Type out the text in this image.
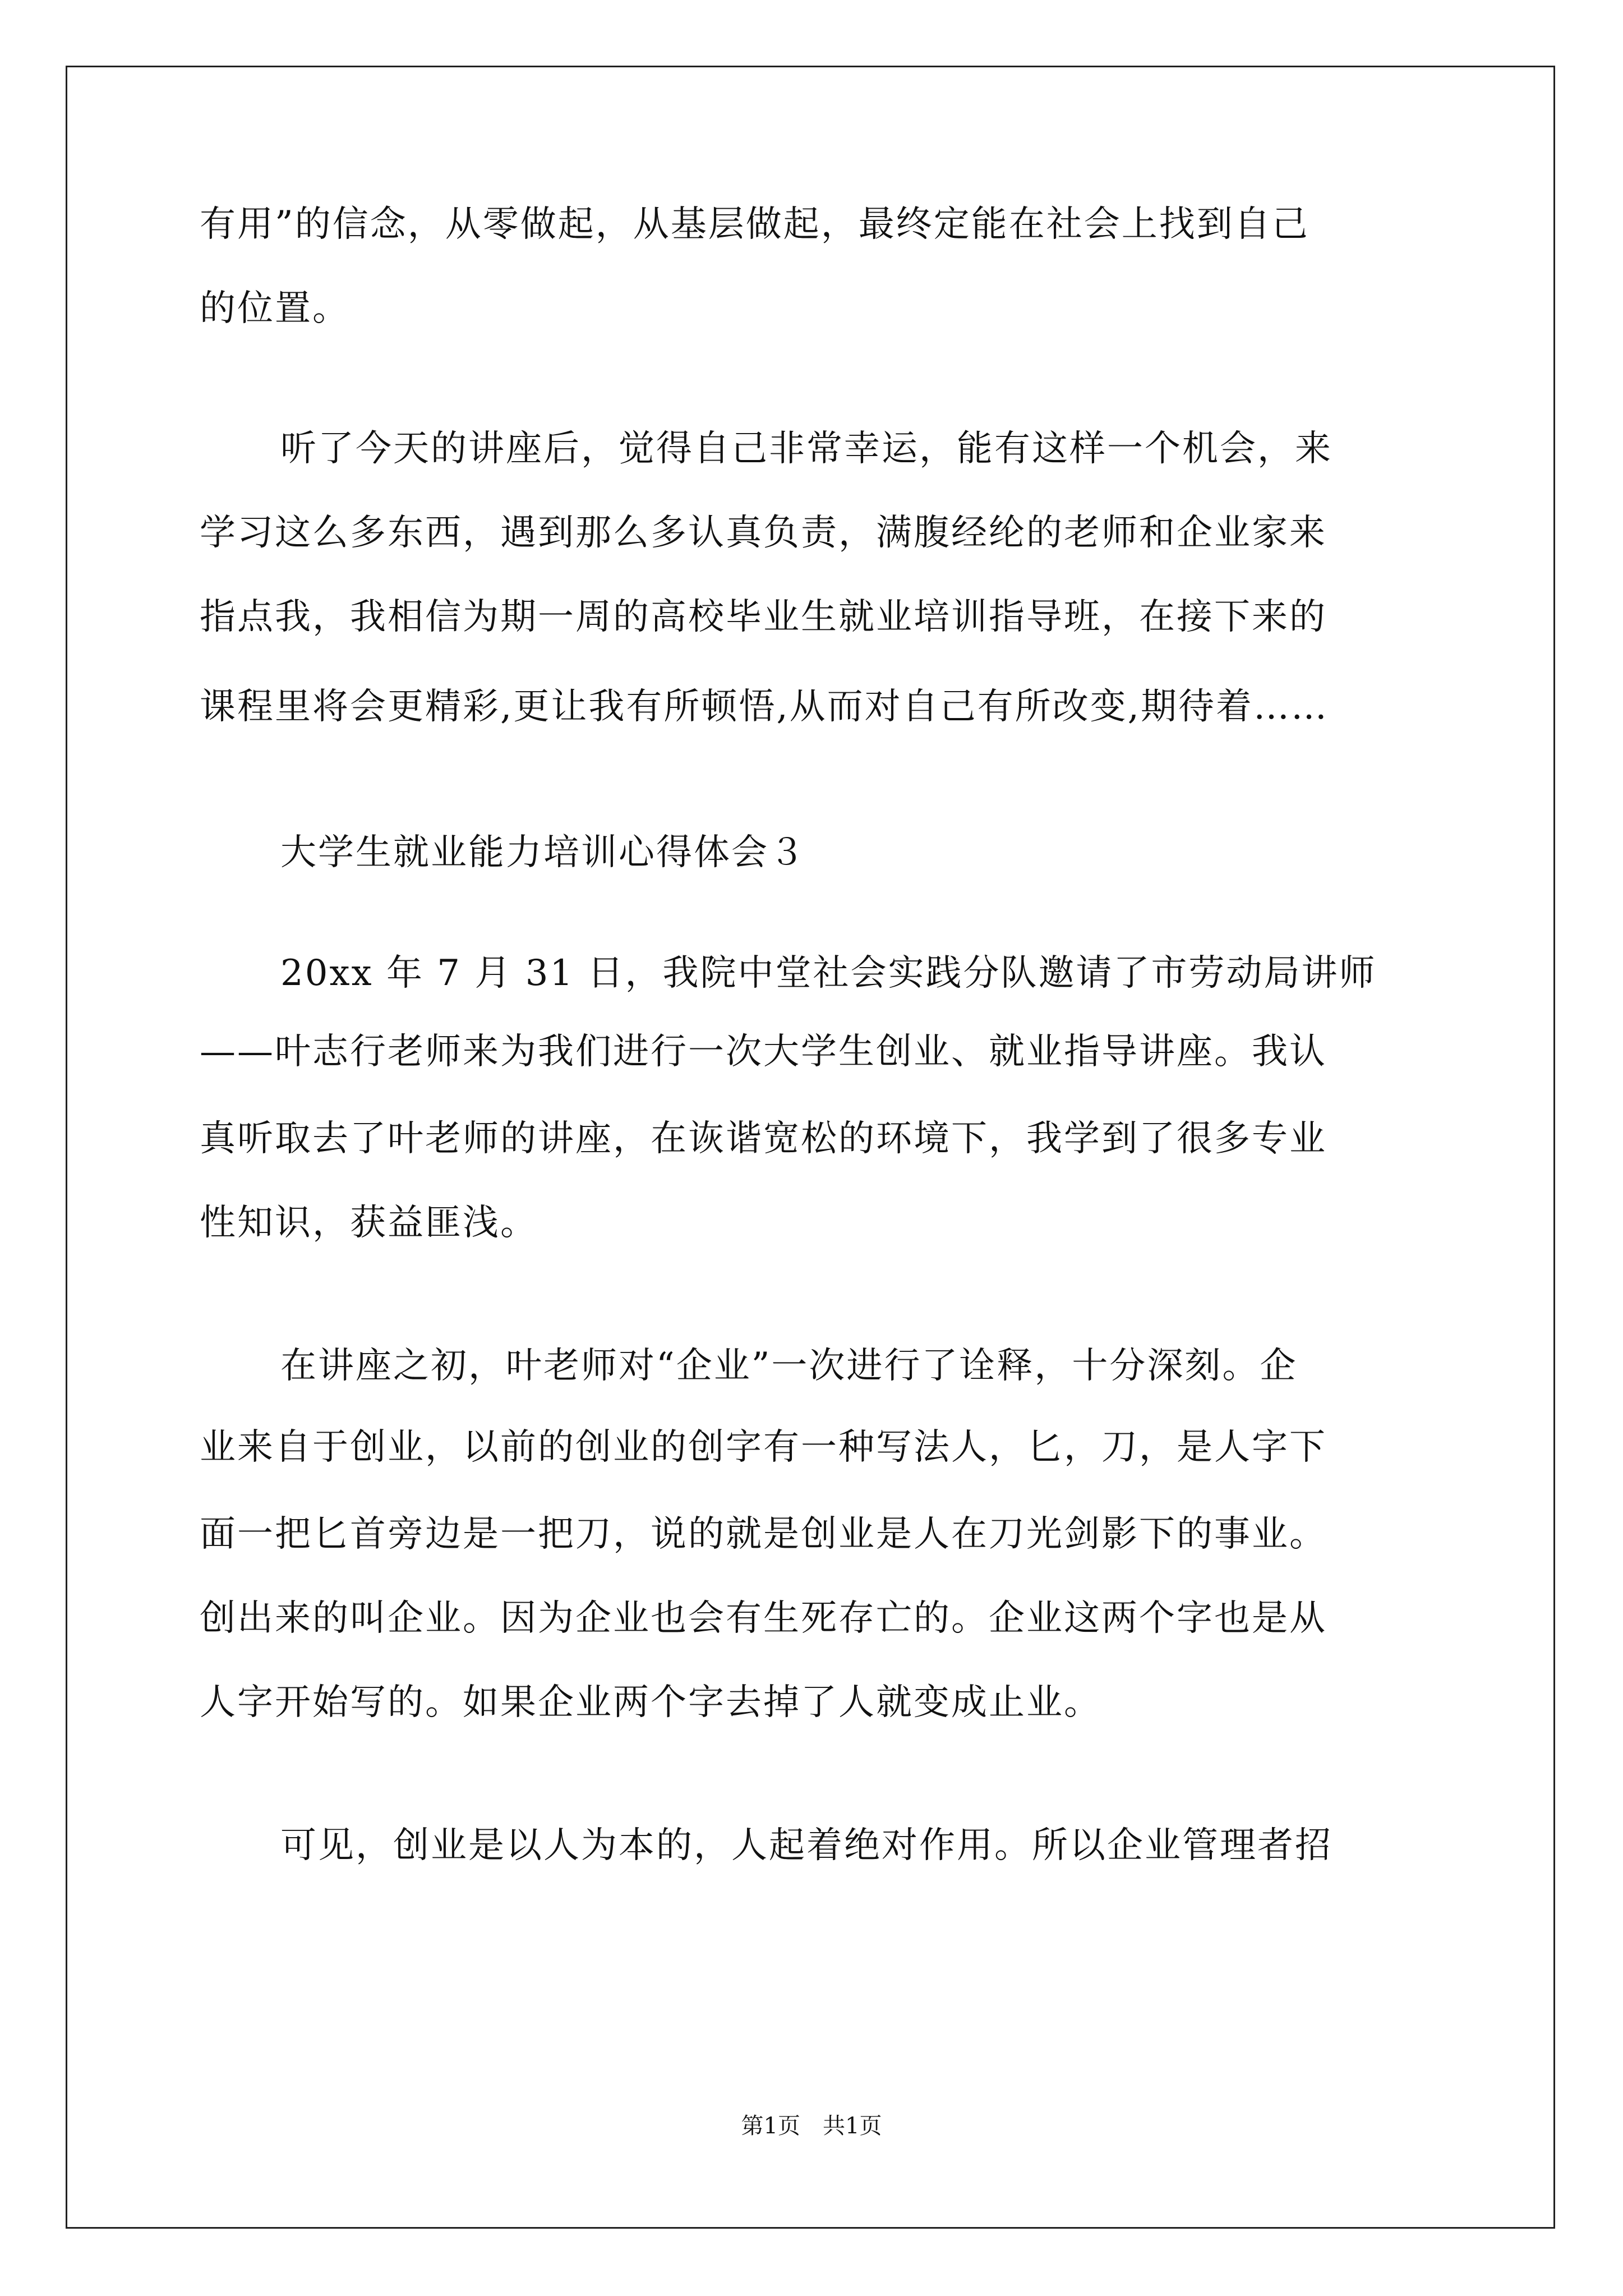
有用”的信念，从零做起，从基层做起，最终定能在社会上找到自己
的位置。
听了今天的讲座后，觉得自己非常幸运，能有这样一个机会，来
学习这么多东西，遇到那么多认真负责，满腹经纶的老师和企业家来
指点我，我相信为期一周的高校毕业生就业培训指导班，在接下来的
课程里将会更精彩,更让我有所顿悟,从而对自己有所改变,期待着……
大学生就业能力培训心得体会３
20xx 年 7 月 31 日，我院中堂社会实践分队邀请了市劳动局讲师
——叶志行老师来为我们进行一次大学生创业、就业指导讲座。我认
真听取去了叶老师的讲座，在诙谐宽松的环境下，我学到了很多专业
性知识，获益匪浅。
在讲座之初，叶老师对“企业”一次进行了诠释，十分深刻。企
业来自于创业，以前的创业的创字有一种写法人，匕，刀，是人字下
面一把匕首旁边是一把刀，说的就是创业是人在刀光剑影下的事业。
创出来的叫企业。因为企业也会有生死存亡的。企业这两个字也是从
人字开始写的。如果企业两个字去掉了人就变成止业。
可见，创业是以人为本的，人起着绝对作用。所以企业管理者招
第1页　共1页
